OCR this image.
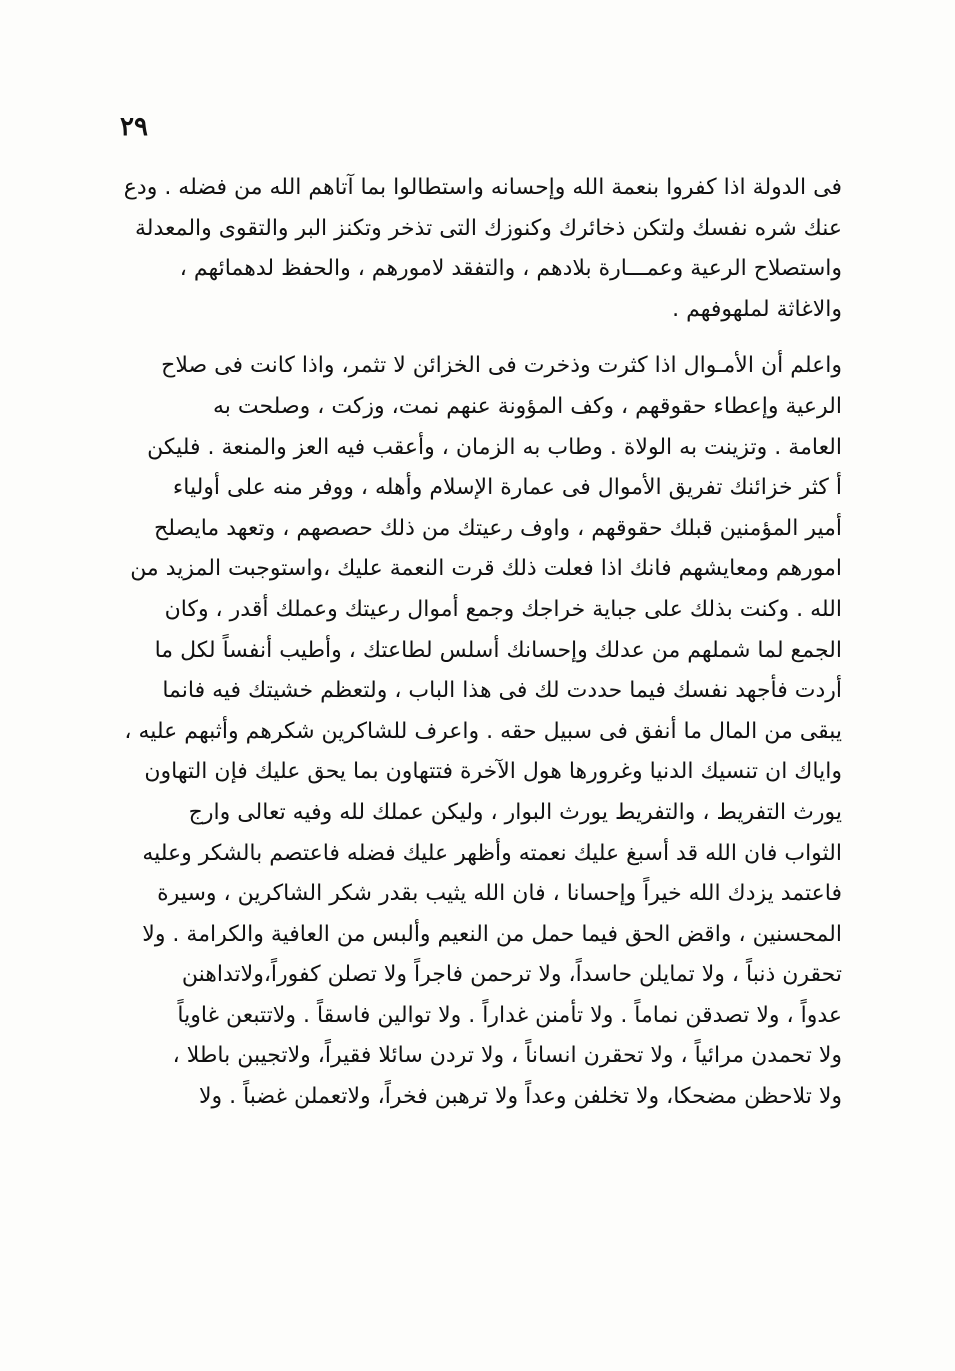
٢٩
فى الدولة اذا كفروا بنعمة الله وإحسانه واستطالوا بما آتاهم الله من فضله . ودع
عنك شره نفسك ولتكن ذخائرك وكنوزك التى تذخر وتكنز البر والتقوى والمعدلة
واستصلاح الرعية وعمـــارة بلادهم ، والتفقد لامورهم ، والحفظ لدهمائهم ،
والاغاثة لملهوفهم .
واعلم أن الأمـوال اذا كثرت وذخرت فى الخزائن لا تثمر، واذا كانت فى صلاح
الرعية وإعطاء حقوقهم ، وكف المؤونة عنهم نمت، وزكت ، وصلحت به
العامة . وتزينت به الولاة . وطاب به الزمان ، وأعقب فيه العز والمنعة . فليكن
أ كثر خزائنك تفريق الأموال فى عمارة الإسلام وأهله ، ووفر منه على أولياء
أمير المؤمنين قبلك حقوقهم ، واوف رعيتك من ذلك حصصهم ، وتعهد مايصلح
امورهم ومعايشهم فانك اذا فعلت ذلك قرت النعمة عليك ،واستوجبت المزيد من
الله . وكنت بذلك على جباية خراجك وجمع أموال رعيتك وعملك أقدر ، وكان
الجمع لما شملهم من عدلك وإحسانك أسلس لطاعتك ، وأطيب أنفساً لكل ما
أردت فأجهد نفسك فيما حددت لك فى هذا الباب ، ولتعظم خشيتك فيه فانما
يبقى من المال ما أنفق فى سبيل حقه . واعرف للشاكرين شكرهم وأثبهم عليه ،
واياك ان تنسيك الدنيا وغرورها هول الآخرة فتتهاون بما يحق عليك فإن التهاون
يورث التفريط ، والتفريط يورث البوار ، وليكن عملك لله وفيه تعالى وارج
الثواب فان الله قد أسبغ عليك نعمته وأظهر عليك فضله فاعتصم بالشكر وعليه
فاعتمد يزدك الله خيراً وإحسانا ، فان الله يثيب بقدر شكر الشاكرين ، وسيرة
المحسنين ، واقض الحق فيما حمل من النعيم وألبس من العافية والكرامة . ولا
تحقرن ذنباً ، ولا تمايلن حاسداً، ولا ترحمن فاجراً ولا تصلن كفوراً،ولاتداهنن
عدواً ، ولا تصدقن نماماً . ولا تأمنن غداراً . ولا توالين فاسقاً . ولاتتبعن غاوياً
ولا تحمدن مرائياً ، ولا تحقرن انساناً ، ولا تردن سائلا فقيراً، ولاتجيبن باطلا ،
ولا تلاحظن مضحكا، ولا تخلفن وعداً ولا ترهبن فخراً، ولاتعملن غضباً . ولا
